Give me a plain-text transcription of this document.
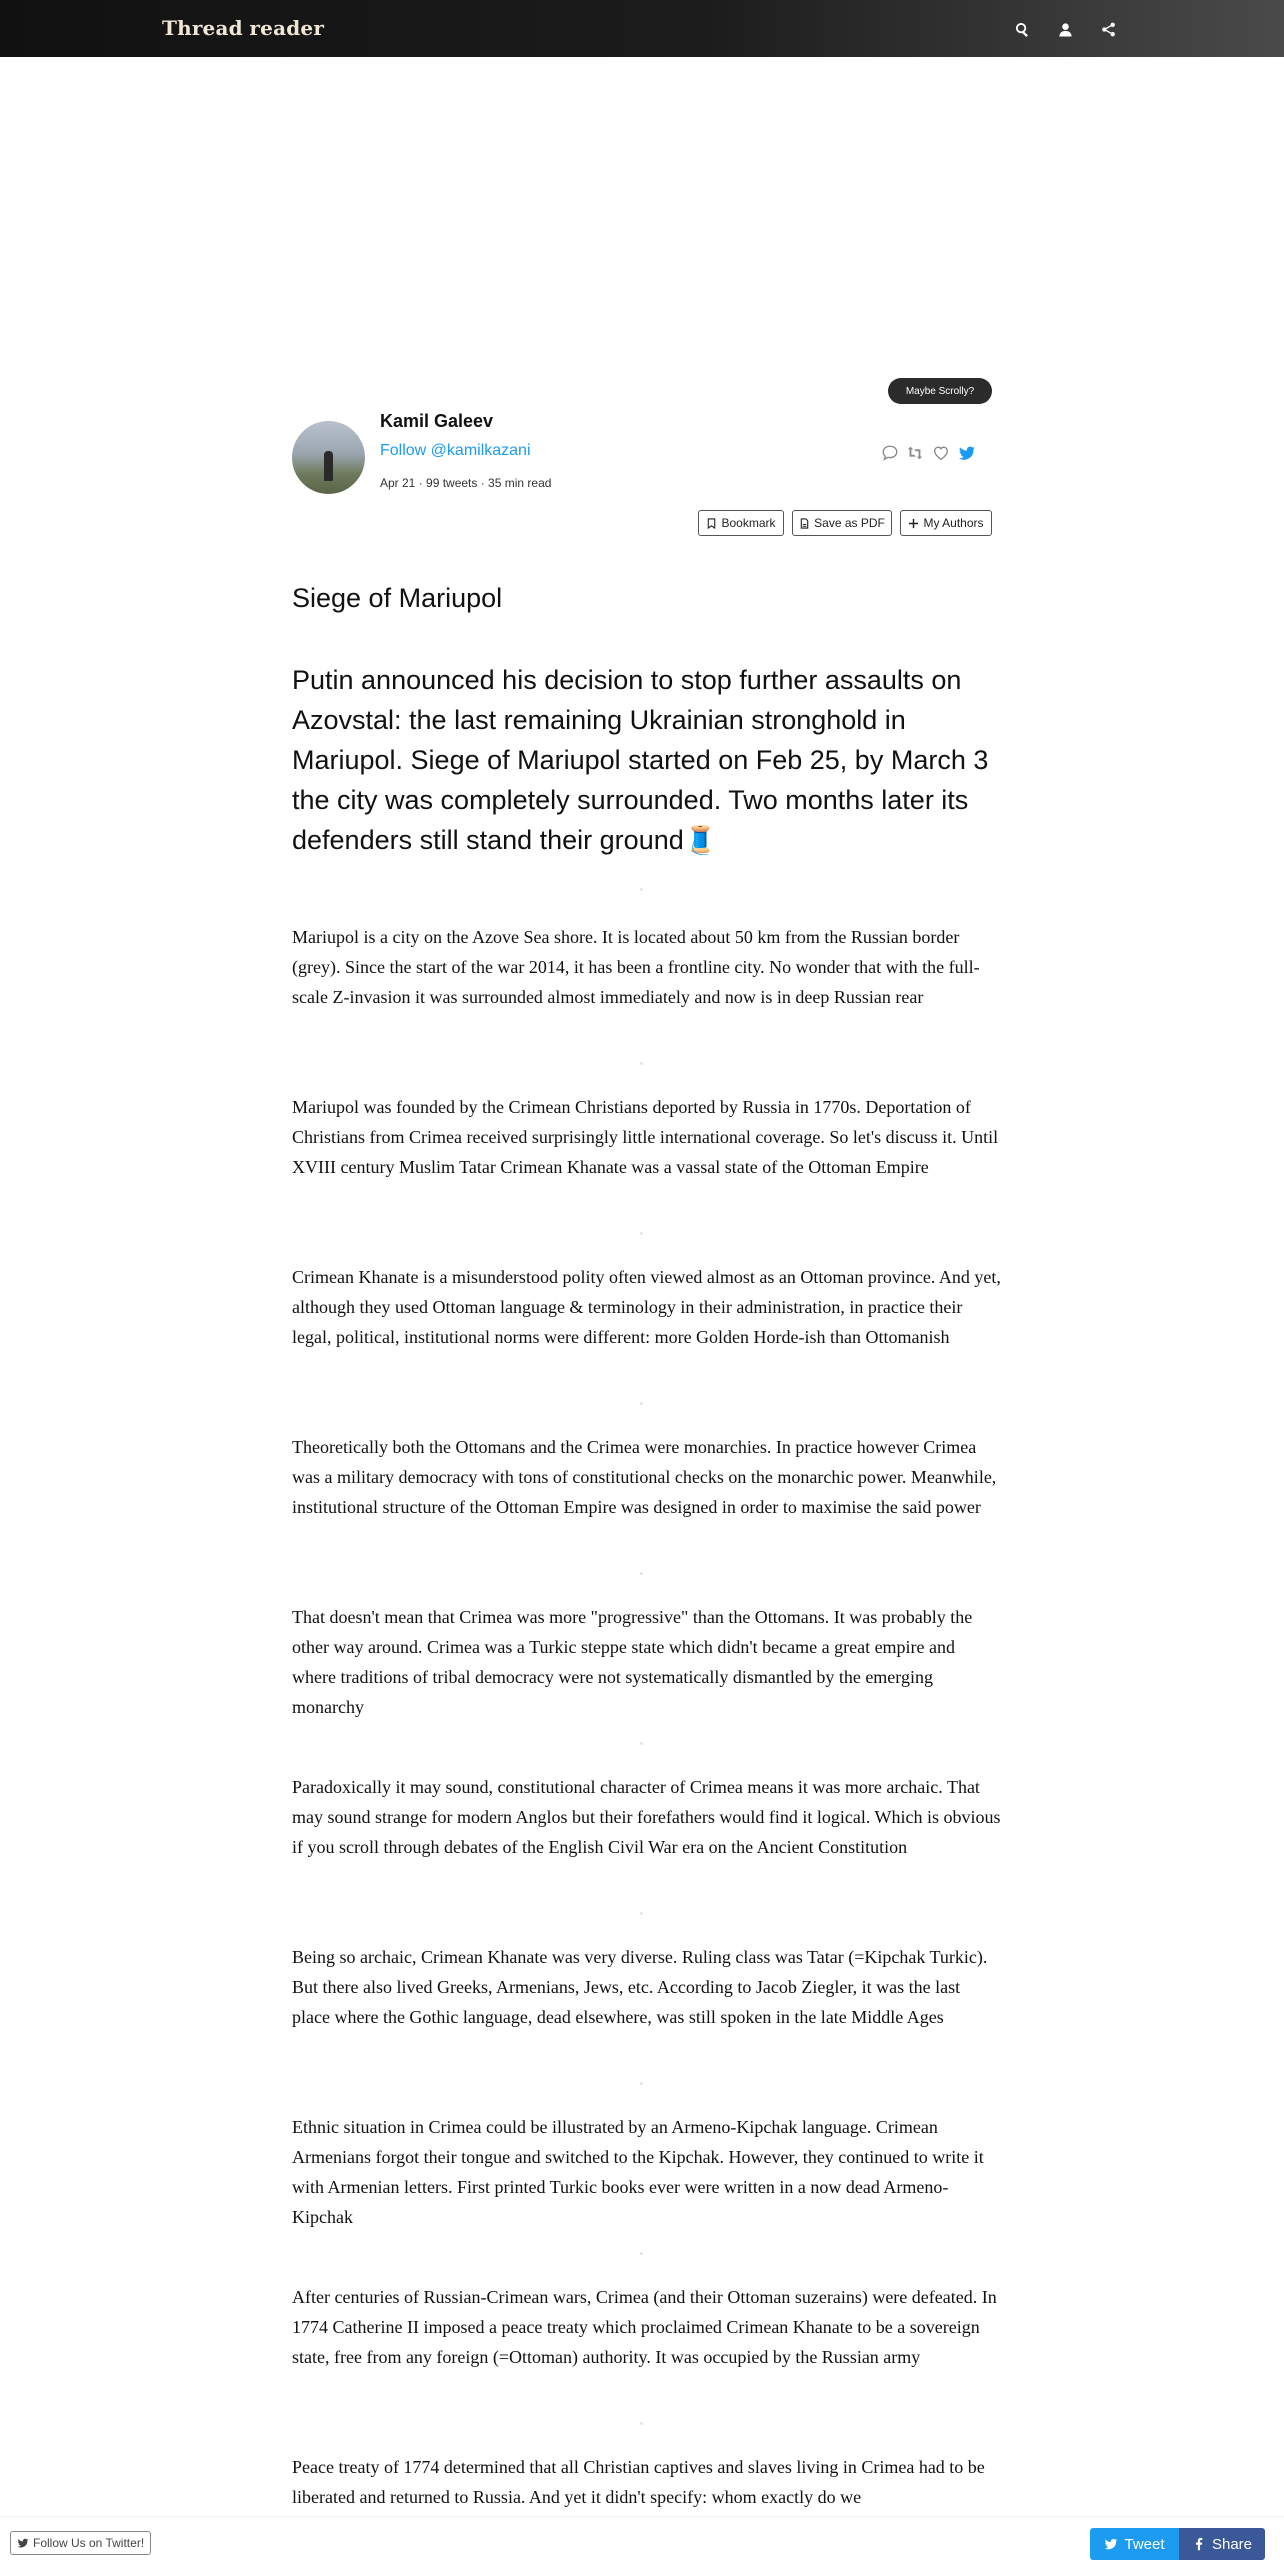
Thread reader
Maybe Scrolly?
Kamil Galeev
Follow @kamilkazani
Apr 21 · 99 tweets · 35 min read
Bookmark	Save as PDF	My Authors
Siege of Mariupol
Putin announced his decision to stop further assaults on Azovstal: the last remaining Ukrainian stronghold in Mariupol. Siege of Mariupol started on Feb 25, by March 3 the city was completely surrounded. Two months later its defenders still stand their ground🧵

Mariupol is a city on the Azove Sea shore. It is located about 50 km from the Russian border (grey). Since the start of the war 2014, it has been a frontline city. No wonder that with the full-scale Z-invasion it was surrounded almost immediately and now is in deep Russian rear

Mariupol was founded by the Crimean Christians deported by Russia in 1770s. Deportation of Christians from Crimea received surprisingly little international coverage. So let's discuss it. Until XVIII century Muslim Tatar Crimean Khanate was a vassal state of the Ottoman Empire

Crimean Khanate is a misunderstood polity often viewed almost as an Ottoman province. And yet, although they used Ottoman language & terminology in their administration, in practice their legal, political, institutional norms were different: more Golden Horde-ish than Ottomanish

Theoretically both the Ottomans and the Crimea were monarchies. In practice however Crimea was a military democracy with tons of constitutional checks on the monarchic power. Meanwhile, institutional structure of the Ottoman Empire was designed in order to maximise the said power

That doesn't mean that Crimea was more "progressive" than the Ottomans. It was probably the other way around. Crimea was a Turkic steppe state which didn't became a great empire and where traditions of tribal democracy were not systematically dismantled by the emerging monarchy

Paradoxically it may sound, constitutional character of Crimea means it was more archaic. That may sound strange for modern Anglos but their forefathers would find it logical. Which is obvious if you scroll through debates of the English Civil War era on the Ancient Constitution

Being so archaic, Crimean Khanate was very diverse. Ruling class was Tatar (=Kipchak Turkic). But there also lived Greeks, Armenians, Jews, etc. According to Jacob Ziegler, it was the last place where the Gothic language, dead elsewhere, was still spoken in the late Middle Ages

Ethnic situation in Crimea could be illustrated by an Armeno-Kipchak language. Crimean Armenians forgot their tongue and switched to the Kipchak. However, they continued to write it with Armenian letters. First printed Turkic books ever were written in a now dead Armeno-Kipchak

After centuries of Russian-Crimean wars, Crimea (and their Ottoman suzerains) were defeated. In 1774 Catherine II imposed a peace treaty which proclaimed Crimean Khanate to be a sovereign state, free from any foreign (=Ottoman) authority. It was occupied by the Russian army

Peace treaty of 1774 determined that all Christian captives and slaves living in Crimea had to be liberated and returned to Russia. And yet it didn't specify: whom exactly do we

Follow Us on Twitter!	Tweet	Share
